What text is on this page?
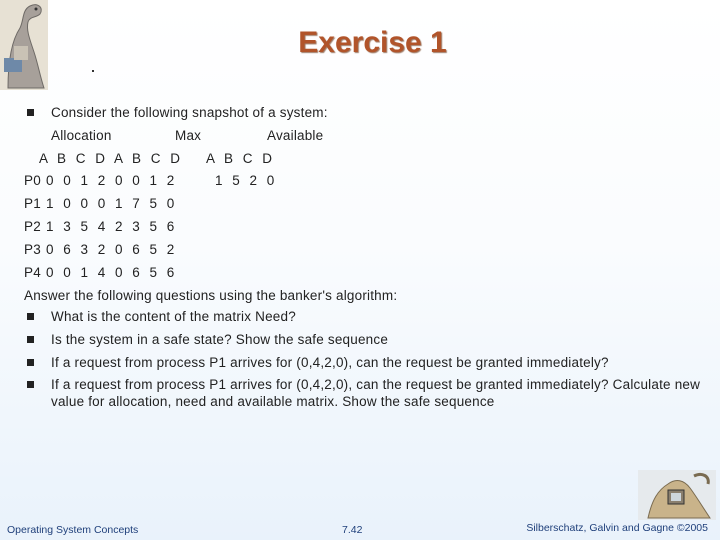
Exercise 1
Consider the following snapshot of a system:
Allocation	Max	Available
A B C D A B C D A B C D
P0 0 0 1 2 0 0 1 2	1 5 2 0
P1 1 0 0 0 1 7 5 0
P2 1 3 5 4 2 3 5 6
P3 0 6 3 2 0 6 5 2
P4 0 0 1 4 0 6 5 6
Answer the following questions using the banker's algorithm:
What is the content of the matrix Need?
Is the system in a safe state? Show the safe sequence
If a request from process P1 arrives for (0,4,2,0), can the request be granted immediately?
If a request from process P1 arrives for (0,4,2,0), can the request be granted immediately? Calculate new
value for allocation, need and available matrix. Show the safe sequence
Operating System Concepts	7.42	Silberschatz, Galvin and Gagne ©2005
